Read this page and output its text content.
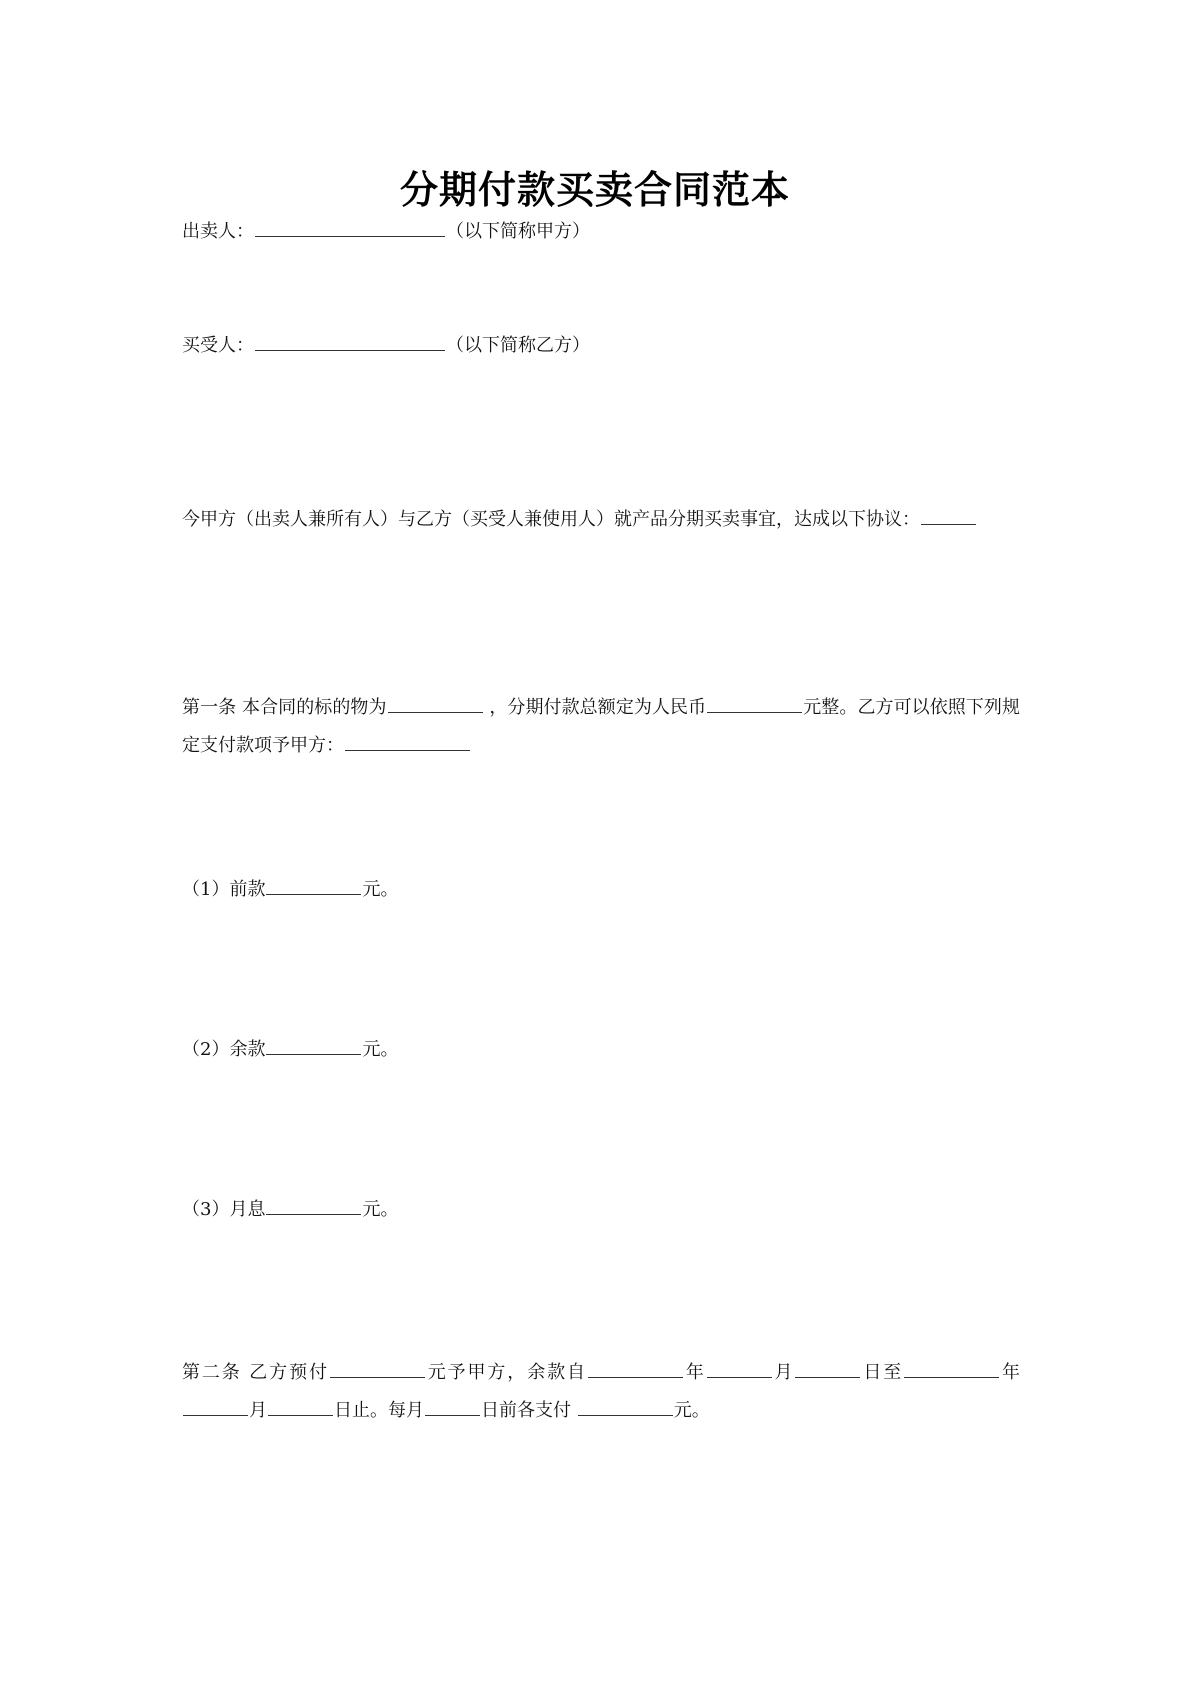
分期付款买卖合同范本
出卖人：	（以下简称甲方）
买受人：	（以下简称乙方）
今甲方（出卖人兼所有人）与乙方（买受人兼使用人）就产品分期买卖事宜，达成以下协议：
第一条 本合同的标的物为	，分期付款总额定为人民币	元整。乙方可以依照下列规定支付款项予甲方：
（1）前款	元。
（2）余款	元。
（3）月息	元。
第二条 乙方预付	元予甲方，余款自	年	月	日至	年月	日止。每月	日前各支付	元。
